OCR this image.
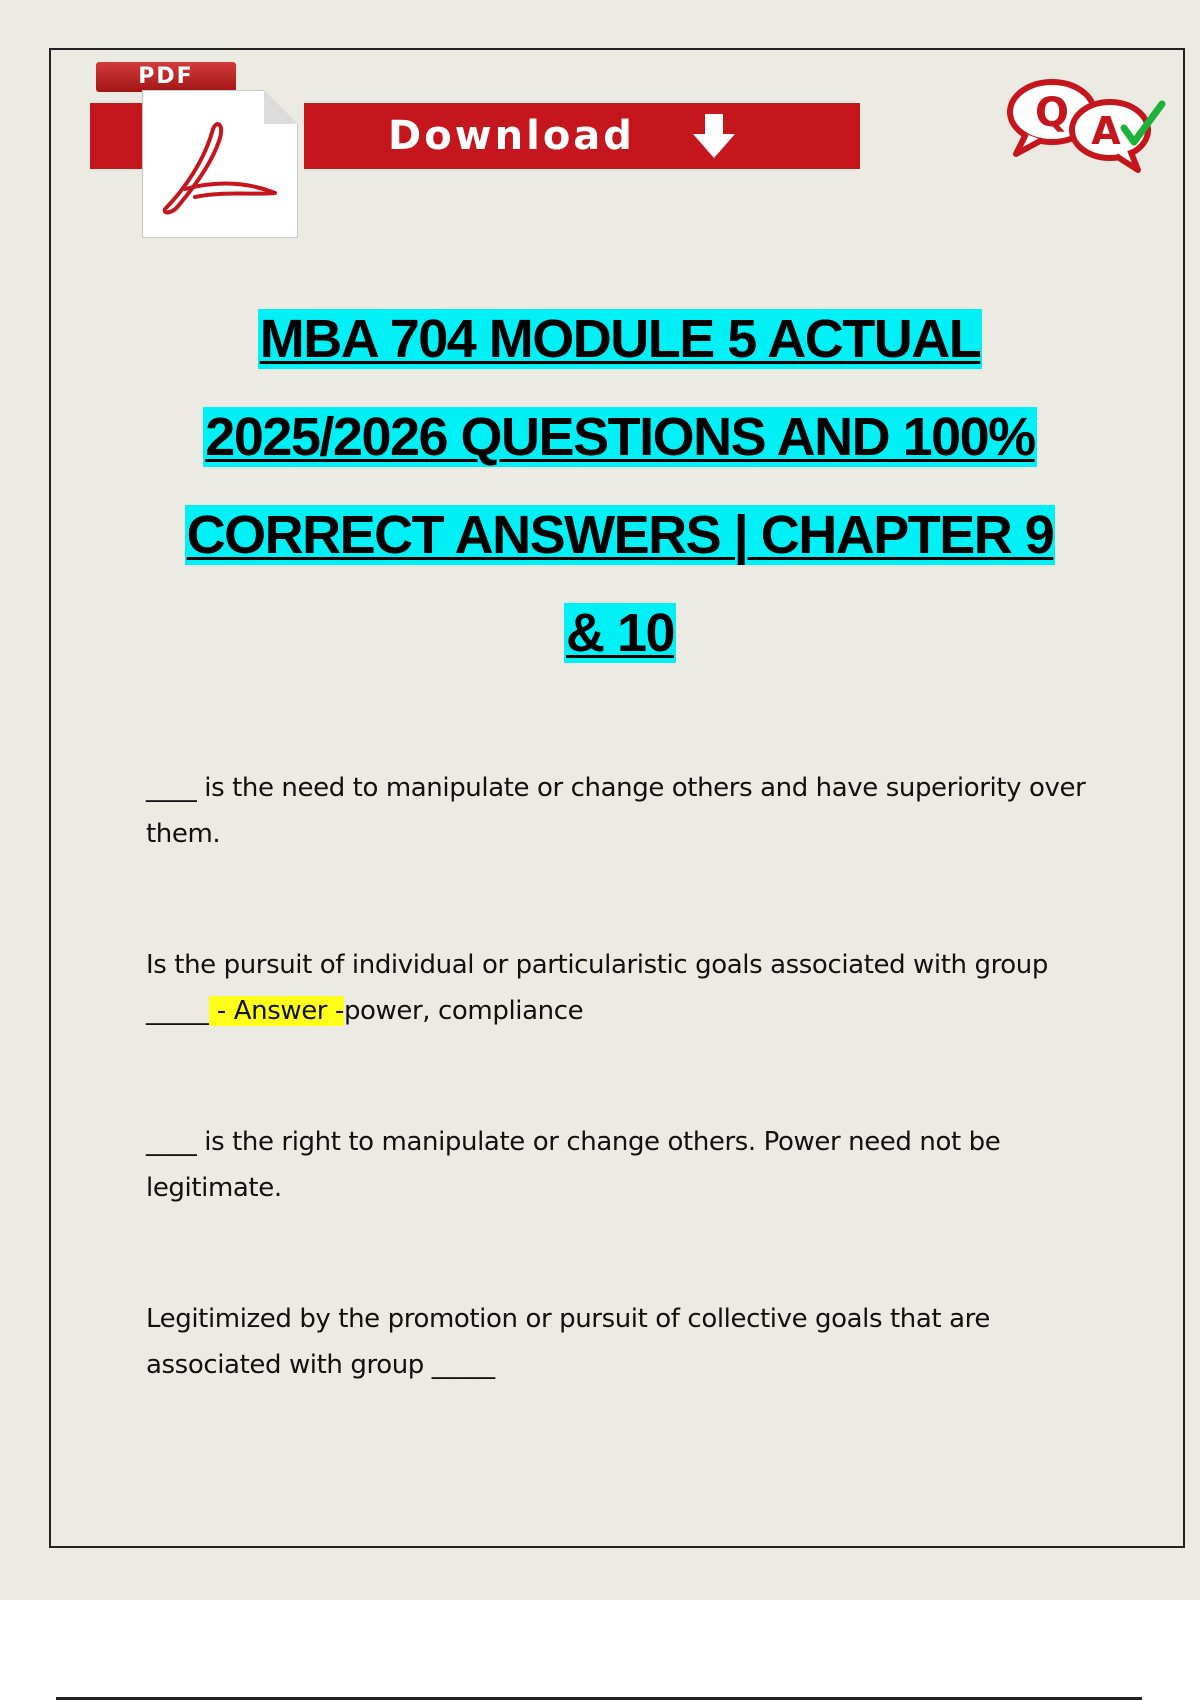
PDF
Download	Q A
MBA 704 MODULE 5 ACTUAL
2025/2026 QUESTIONS AND 100%
CORRECT ANSWERS | CHAPTER 9
& 10

____ is the need to manipulate or change others and have superiority over them.

Is the pursuit of individual or particularistic goals associated with group _____ - Answer -power, compliance

____ is the right to manipulate or change others. Power need not be legitimate.

Legitimized by the promotion or pursuit of collective goals that are associated with group _____
